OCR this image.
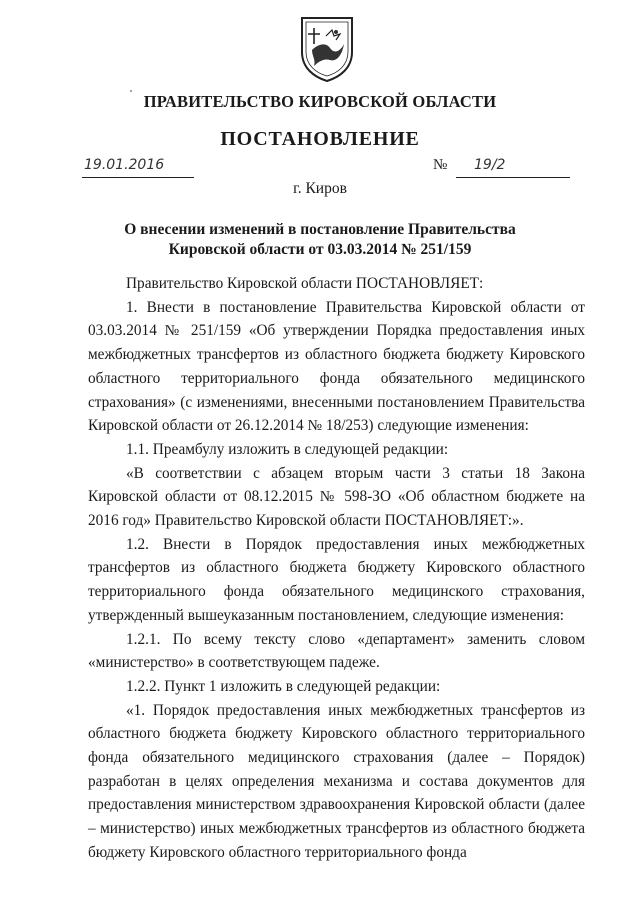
ПРАВИТЕЛЬСТВО КИРОВСКОЙ ОБЛАСТИ
ПОСТАНОВЛЕНИЕ
19.01.2016	№ 19/2
г. Киров
О внесении изменений в постановление Правительства
Кировской области от 03.03.2014 № 251/159

Правительство Кировской области ПОСТАНОВЛЯЕТ:

1. Внести в постановление Правительства Кировской области от 03.03.2014 № 251/159 «Об утверждении Порядка предоставления иных межбюджетных трансфертов из областного бюджета бюджету Кировского областного территориального фонда обязательного медицинского страхования» (с изменениями, внесенными постановлением Правительства Кировской области от 26.12.2014 № 18/253) следующие изменения:

1.1. Преамбулу изложить в следующей редакции:

«В соответствии с абзацем вторым части 3 статьи 18 Закона Кировской области от 08.12.2015 № 598-ЗО «Об областном бюджете на 2016 год» Правительство Кировской области ПОСТАНОВЛЯЕТ:».

1.2. Внести в Порядок предоставления иных межбюджетных трансфертов из областного бюджета бюджету Кировского областного территориального фонда обязательного медицинского страхования, утвержденный вышеуказанным постановлением, следующие изменения:

1.2.1. По всему тексту слово «департамент» заменить словом «министерство» в соответствующем падеже.

1.2.2. Пункт 1 изложить в следующей редакции:

«1. Порядок предоставления иных межбюджетных трансфертов из областного бюджета бюджету Кировского областного территориального фонда обязательного медицинского страхования (далее – Порядок) разработан в целях определения механизма и состава документов для предоставления министерством здравоохранения Кировской области (далее – министерство) иных межбюджетных трансфертов из областного бюджета бюджету Кировского областного территориального фонда
